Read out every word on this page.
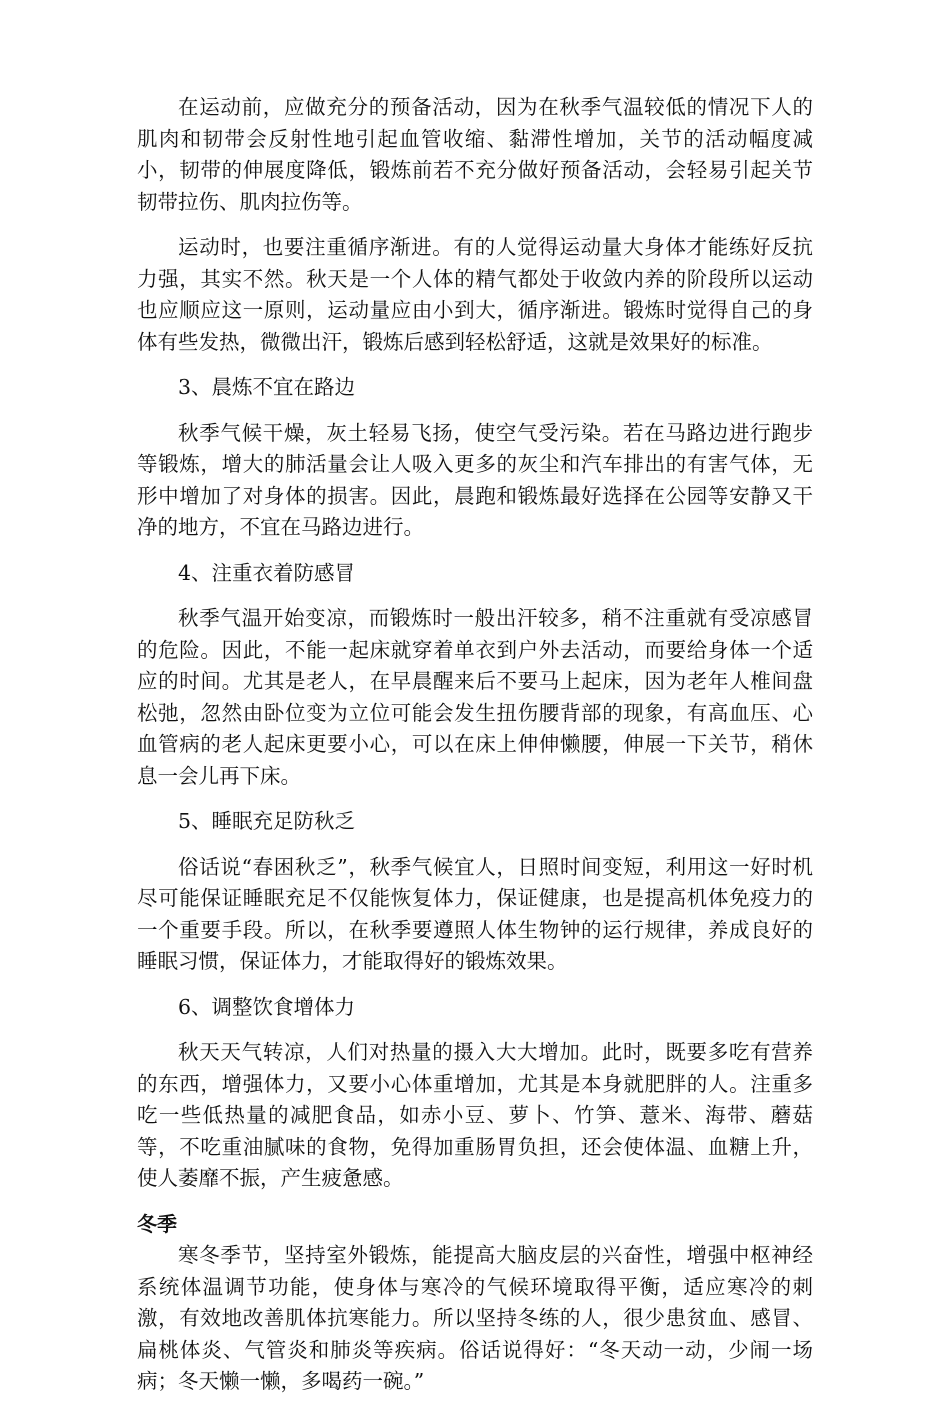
在运动前，应做充分的预备活动，因为在秋季气温较低的情况下人的肌肉和韧带会反射性地引起血管收缩、黏滞性增加，关节的活动幅度减小，韧带的伸展度降低，锻炼前若不充分做好预备活动，会轻易引起关节韧带拉伤、肌肉拉伤等。

运动时，也要注重循序渐进。有的人觉得运动量大身体才能练好反抗力强，其实不然。秋天是一个人体的精气都处于收敛内养的阶段所以运动也应顺应这一原则，运动量应由小到大，循序渐进。锻炼时觉得自己的身体有些发热，微微出汗，锻炼后感到轻松舒适，这就是效果好的标准。

3、晨炼不宜在路边

秋季气候干燥，灰土轻易飞扬，使空气受污染。若在马路边进行跑步等锻炼，增大的肺活量会让人吸入更多的灰尘和汽车排出的有害气体，无形中增加了对身体的损害。因此，晨跑和锻炼最好选择在公园等安静又干净的地方，不宜在马路边进行。

4、注重衣着防感冒

秋季气温开始变凉，而锻炼时一般出汗较多，稍不注重就有受凉感冒的危险。因此，不能一起床就穿着单衣到户外去活动，而要给身体一个适应的时间。尤其是老人，在早晨醒来后不要马上起床，因为老年人椎间盘松弛，忽然由卧位变为立位可能会发生扭伤腰背部的现象，有高血压、心血管病的老人起床更要小心，可以在床上伸伸懒腰，伸展一下关节，稍休息一会儿再下床。

5、睡眠充足防秋乏

俗话说“春困秋乏”，秋季气候宜人，日照时间变短，利用这一好时机尽可能保证睡眠充足不仅能恢复体力，保证健康，也是提高机体免疫力的一个重要手段。所以，在秋季要遵照人体生物钟的运行规律，养成良好的睡眠习惯，保证体力，才能取得好的锻炼效果。

6、调整饮食增体力

秋天天气转凉，人们对热量的摄入大大增加。此时，既要多吃有营养的东西，增强体力，又要小心体重增加，尤其是本身就肥胖的人。注重多吃一些低热量的减肥食品，如赤小豆、萝卜、竹笋、薏米、海带、蘑菇等，不吃重油腻味的食物，免得加重肠胃负担，还会使体温、血糖上升，使人萎靡不振，产生疲惫感。

冬季

寒冬季节，坚持室外锻炼，能提高大脑皮层的兴奋性，增强中枢神经系统体温调节功能，使身体与寒冷的气候环境取得平衡，适应寒冷的刺激，有效地改善肌体抗寒能力。所以坚持冬练的人，很少患贫血、感冒、扁桃体炎、气管炎和肺炎等疾病。俗话说得好：“冬天动一动，少闹一场病；冬天懒一懒，多喝药一碗。”
